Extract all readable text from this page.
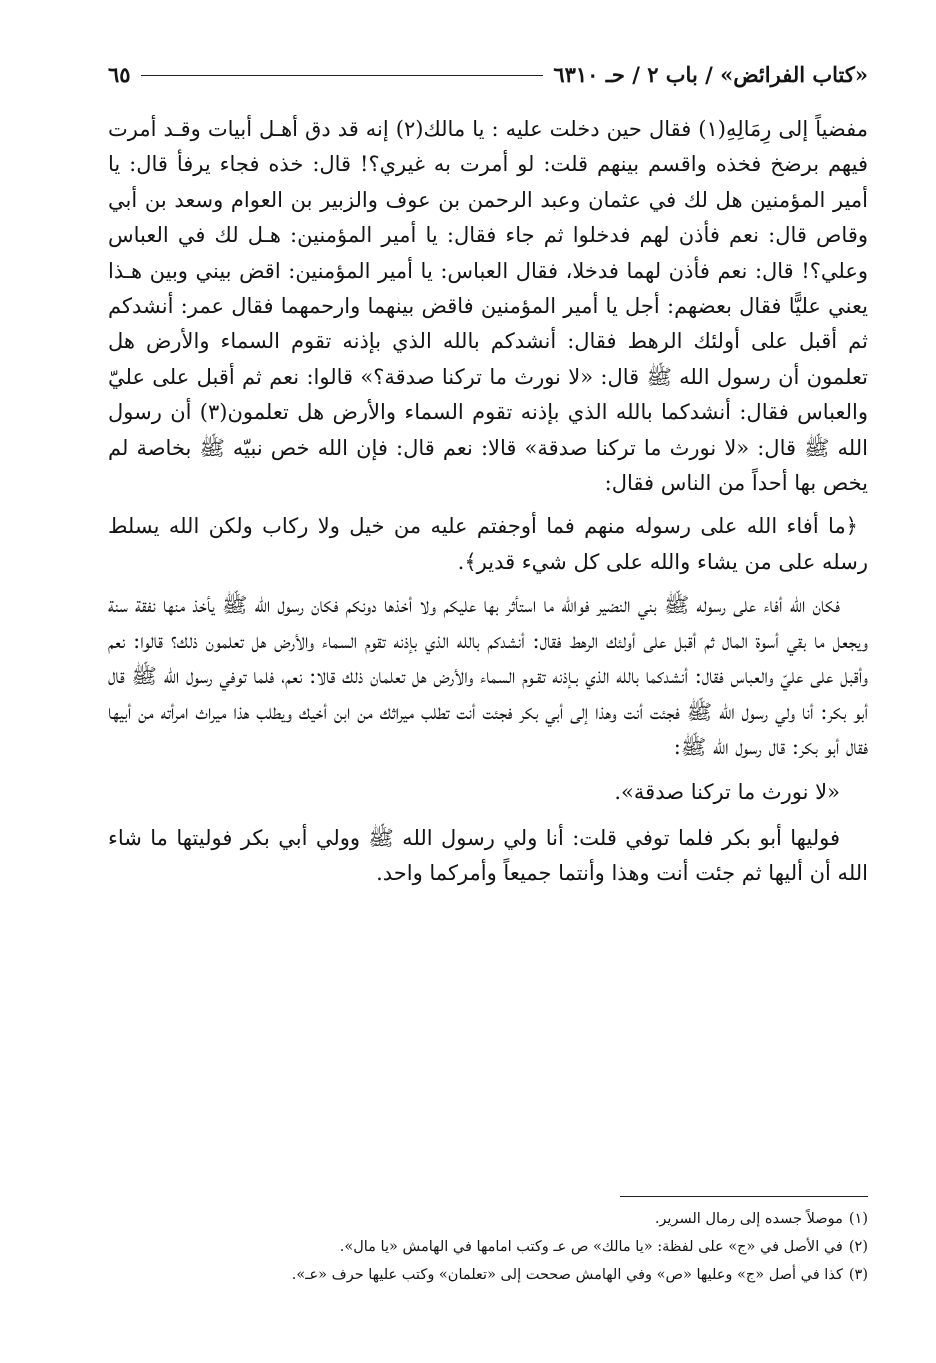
«كتاب الفرائض» / باب ٢ / حـ ٦٣١٠
٦٥

مفضياً إلى رِمَالِهِ(١) فقال حين دخلت عليه : يا مالك(٢) إنه قد دق أهـل أبيات وقـد أمرت فيهم برضخ فخذه واقسم بينهم قلت: لو أمرت به غيري؟! قال: خذه فجاء يرفأ قال: يا أمير المؤمنين هل لك في عثمان وعبد الرحمن بن عوف والزبير بن العوام وسعد بن أبي وقاص قال: نعم فأذن لهم فدخلوا ثم جاء فقال: يا أمير المؤمنين: هـل لك في العباس وعلي؟! قال: نعم فأذن لهما فدخلا، فقال العباس: يا أمير المؤمنين: اقض بيني وبين هـذا يعني عليًّا فقال بعضهم: أجل يا أمير المؤمنين فاقض بينهما وارحمهما فقال عمر: أنشدكم ثم أقبل على أولئك الرهط فقال: أنشدكم بالله الذي بإذنه تقوم السماء والأرض هل تعلمون أن رسول الله ﷺ قال: «لا نورث ما تركنا صدقة؟» قالوا: نعم ثم أقبل على عليّ والعباس فقال: أنشدكما بالله الذي بإذنه تقوم السماء والأرض هل تعلمون(٣) أن رسول الله ﷺ قال: «لا نورث ما تركنا صدقة» قالا: نعم قال: فإن الله خص نبيّه ﷺ بخاصة لم يخص بها أحداً من الناس فقال:

﴿ما أفاء الله على رسوله منهم فما أوجفتم عليه من خيل ولا ركاب ولكن الله يسلط رسله على من يشاء والله على كل شيء قدير﴾.

فكان الله أفاء على رسوله ﷺ بني النضير فوالله ما استأثر بها عليكم ولا أخذها دونكم فكان رسول الله ﷺ يأخذ منها نفقة سنة ويجعل ما بقي أسوة المال ثم أقبل على أولئك الرهط فقال: أنشدكم بالله الذي بإذنه تقوم السماء والأرض هل تعلمون ذلك؟ قالوا: نعم وأقبل على عليّ والعباس فقال: أنشدكما بالله الذي بـإذنه تقـوم السماء والأرض هل تعلمان ذلك قالا: نعم، فلما توفي رسول الله ﷺ قال أبو بكر: أنا ولي رسول الله ﷺ فجئت أنت وهذا إلى أبي بكر فجئت أنت تطلب ميراثك من ابن أخيك ويطلب هذا ميراث امرأته من أبيها فقال أبو بكر: قال رسول الله ﷺ:

«لا نورث ما تركنا صدقة».

فوليها أبو بكر فلما توفي قلت: أنا ولي رسول الله ﷺ وولي أبي بكر فوليتها ما شاء الله أن أليها ثم جئت أنت وهذا وأنتما جميعاً وأمركما واحد.

(١)موصلاً جسده إلى رمال السرير.

(٢)في الأصل في «ج» على لفظة: «يا مالك» ص عـ وكتب امامها في الهامش «يا مال».

(٣)كذا في أصل «ج» وعليها «ص» وفي الهامش صححت إلى «تعلمان» وكتب عليها حرف «عـ».
